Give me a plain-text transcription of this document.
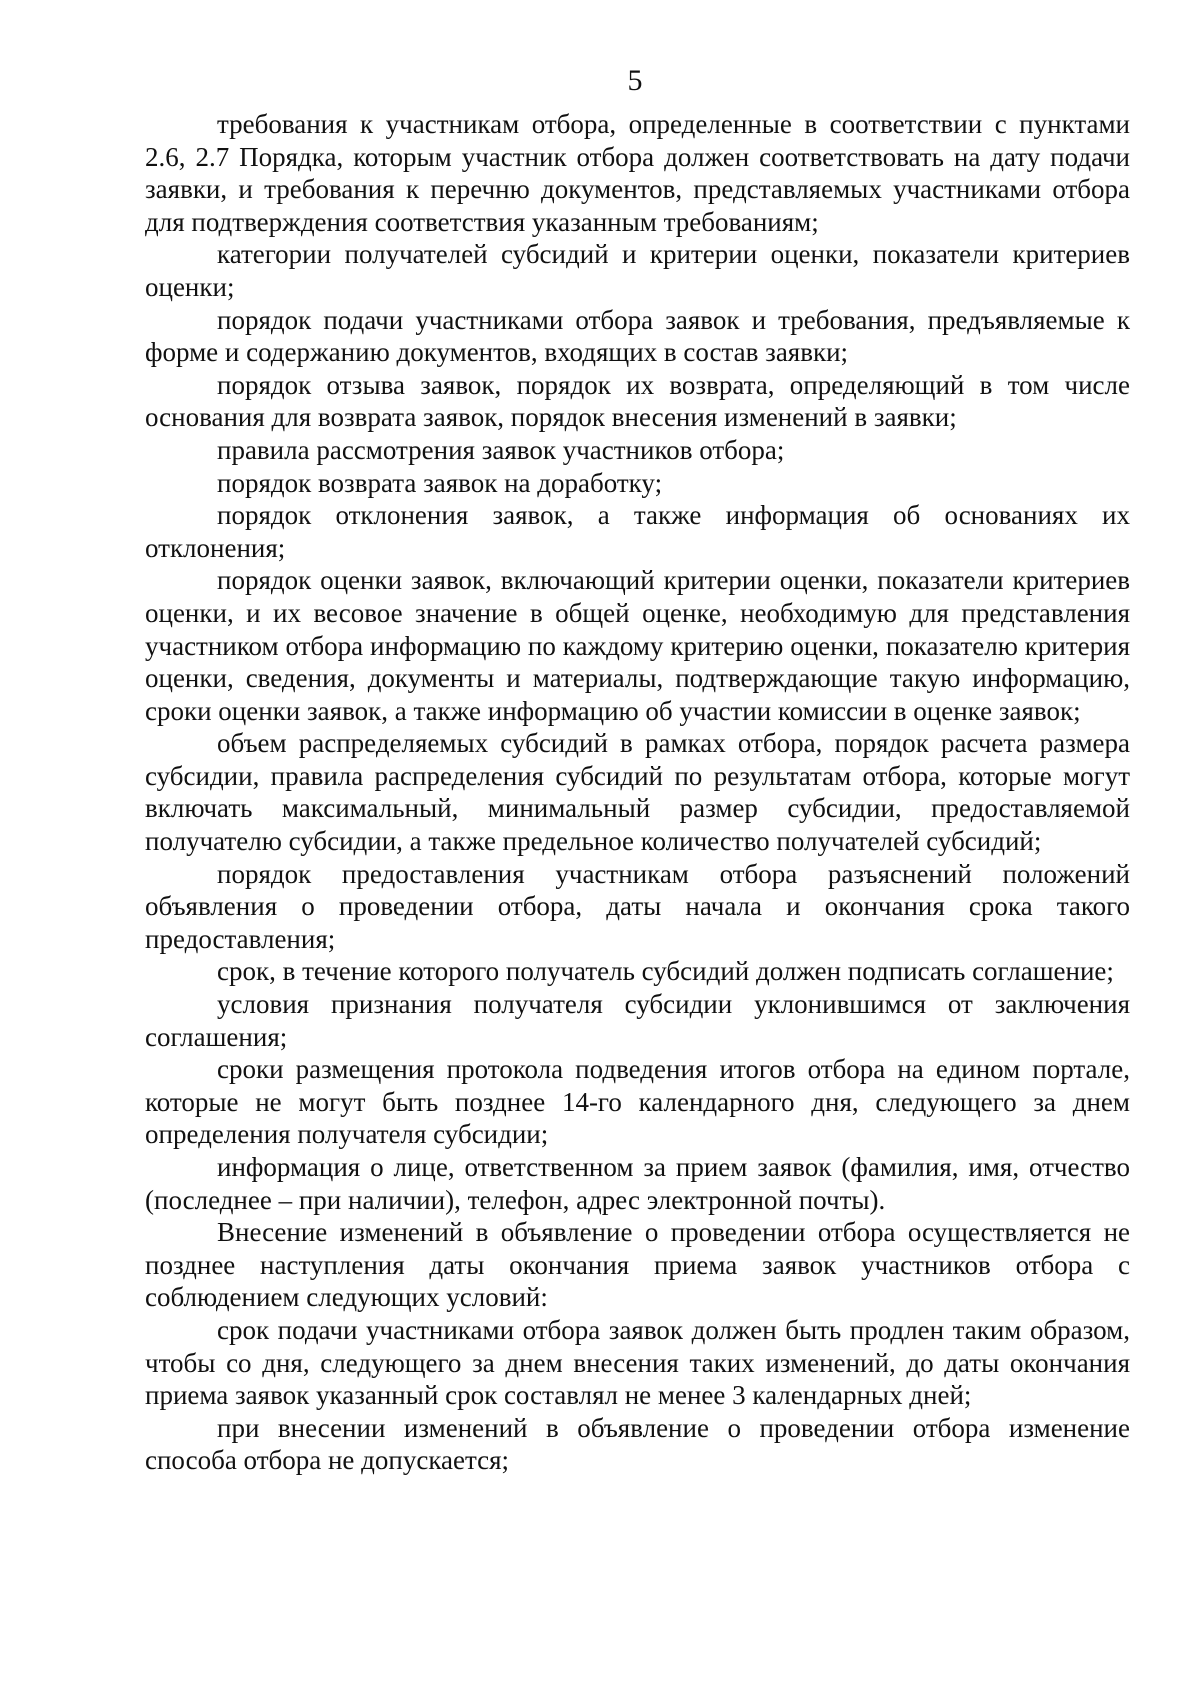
5

требования к участникам отбора, определенные в соответствии с пунктами 2.6, 2.7 Порядка, которым участник отбора должен соответствовать на дату подачи заявки, и требования к перечню документов, представляемых участниками отбора для подтверждения соответствия указанным требованиям;

категории получателей субсидий и критерии оценки, показатели критериев оценки;

порядок подачи участниками отбора заявок и требования, предъявляемые к форме и содержанию документов, входящих в состав заявки;

порядок отзыва заявок, порядок их возврата, определяющий в том числе основания для возврата заявок, порядок внесения изменений в заявки;

правила рассмотрения заявок участников отбора;

порядок возврата заявок на доработку;

порядок отклонения заявок, а также информация об основаниях их отклонения;

порядок оценки заявок, включающий критерии оценки, показатели критериев оценки, и их весовое значение в общей оценке, необходимую для представления участником отбора информацию по каждому критерию оценки, показателю критерия оценки, сведения, документы и материалы, подтверждающие такую информацию, сроки оценки заявок, а также информацию об участии комиссии в оценке заявок;

объем распределяемых субсидий в рамках отбора, порядок расчета размера субсидии, правила распределения субсидий по результатам отбора, которые могут включать максимальный, минимальный размер субсидии, предоставляемой получателю субсидии, а также предельное количество получателей субсидий;

порядок предоставления участникам отбора разъяснений положений объявления о проведении отбора, даты начала и окончания срока такого предоставления;

срок, в течение которого получатель субсидий должен подписать соглашение;

условия признания получателя субсидии уклонившимся от заключения соглашения;

сроки размещения протокола подведения итогов отбора на едином портале, которые не могут быть позднее 14-го календарного дня, следующего за днем определения получателя субсидии;

информация о лице, ответственном за прием заявок (фамилия, имя, отчество (последнее – при наличии), телефон, адрес электронной почты).

Внесение изменений в объявление о проведении отбора осуществляется не позднее наступления даты окончания приема заявок участников отбора с соблюдением следующих условий:

срок подачи участниками отбора заявок должен быть продлен таким образом, чтобы со дня, следующего за днем внесения таких изменений, до даты окончания приема заявок указанный срок составлял не менее 3 календарных дней;

при внесении изменений в объявление о проведении отбора изменение способа отбора не допускается;
